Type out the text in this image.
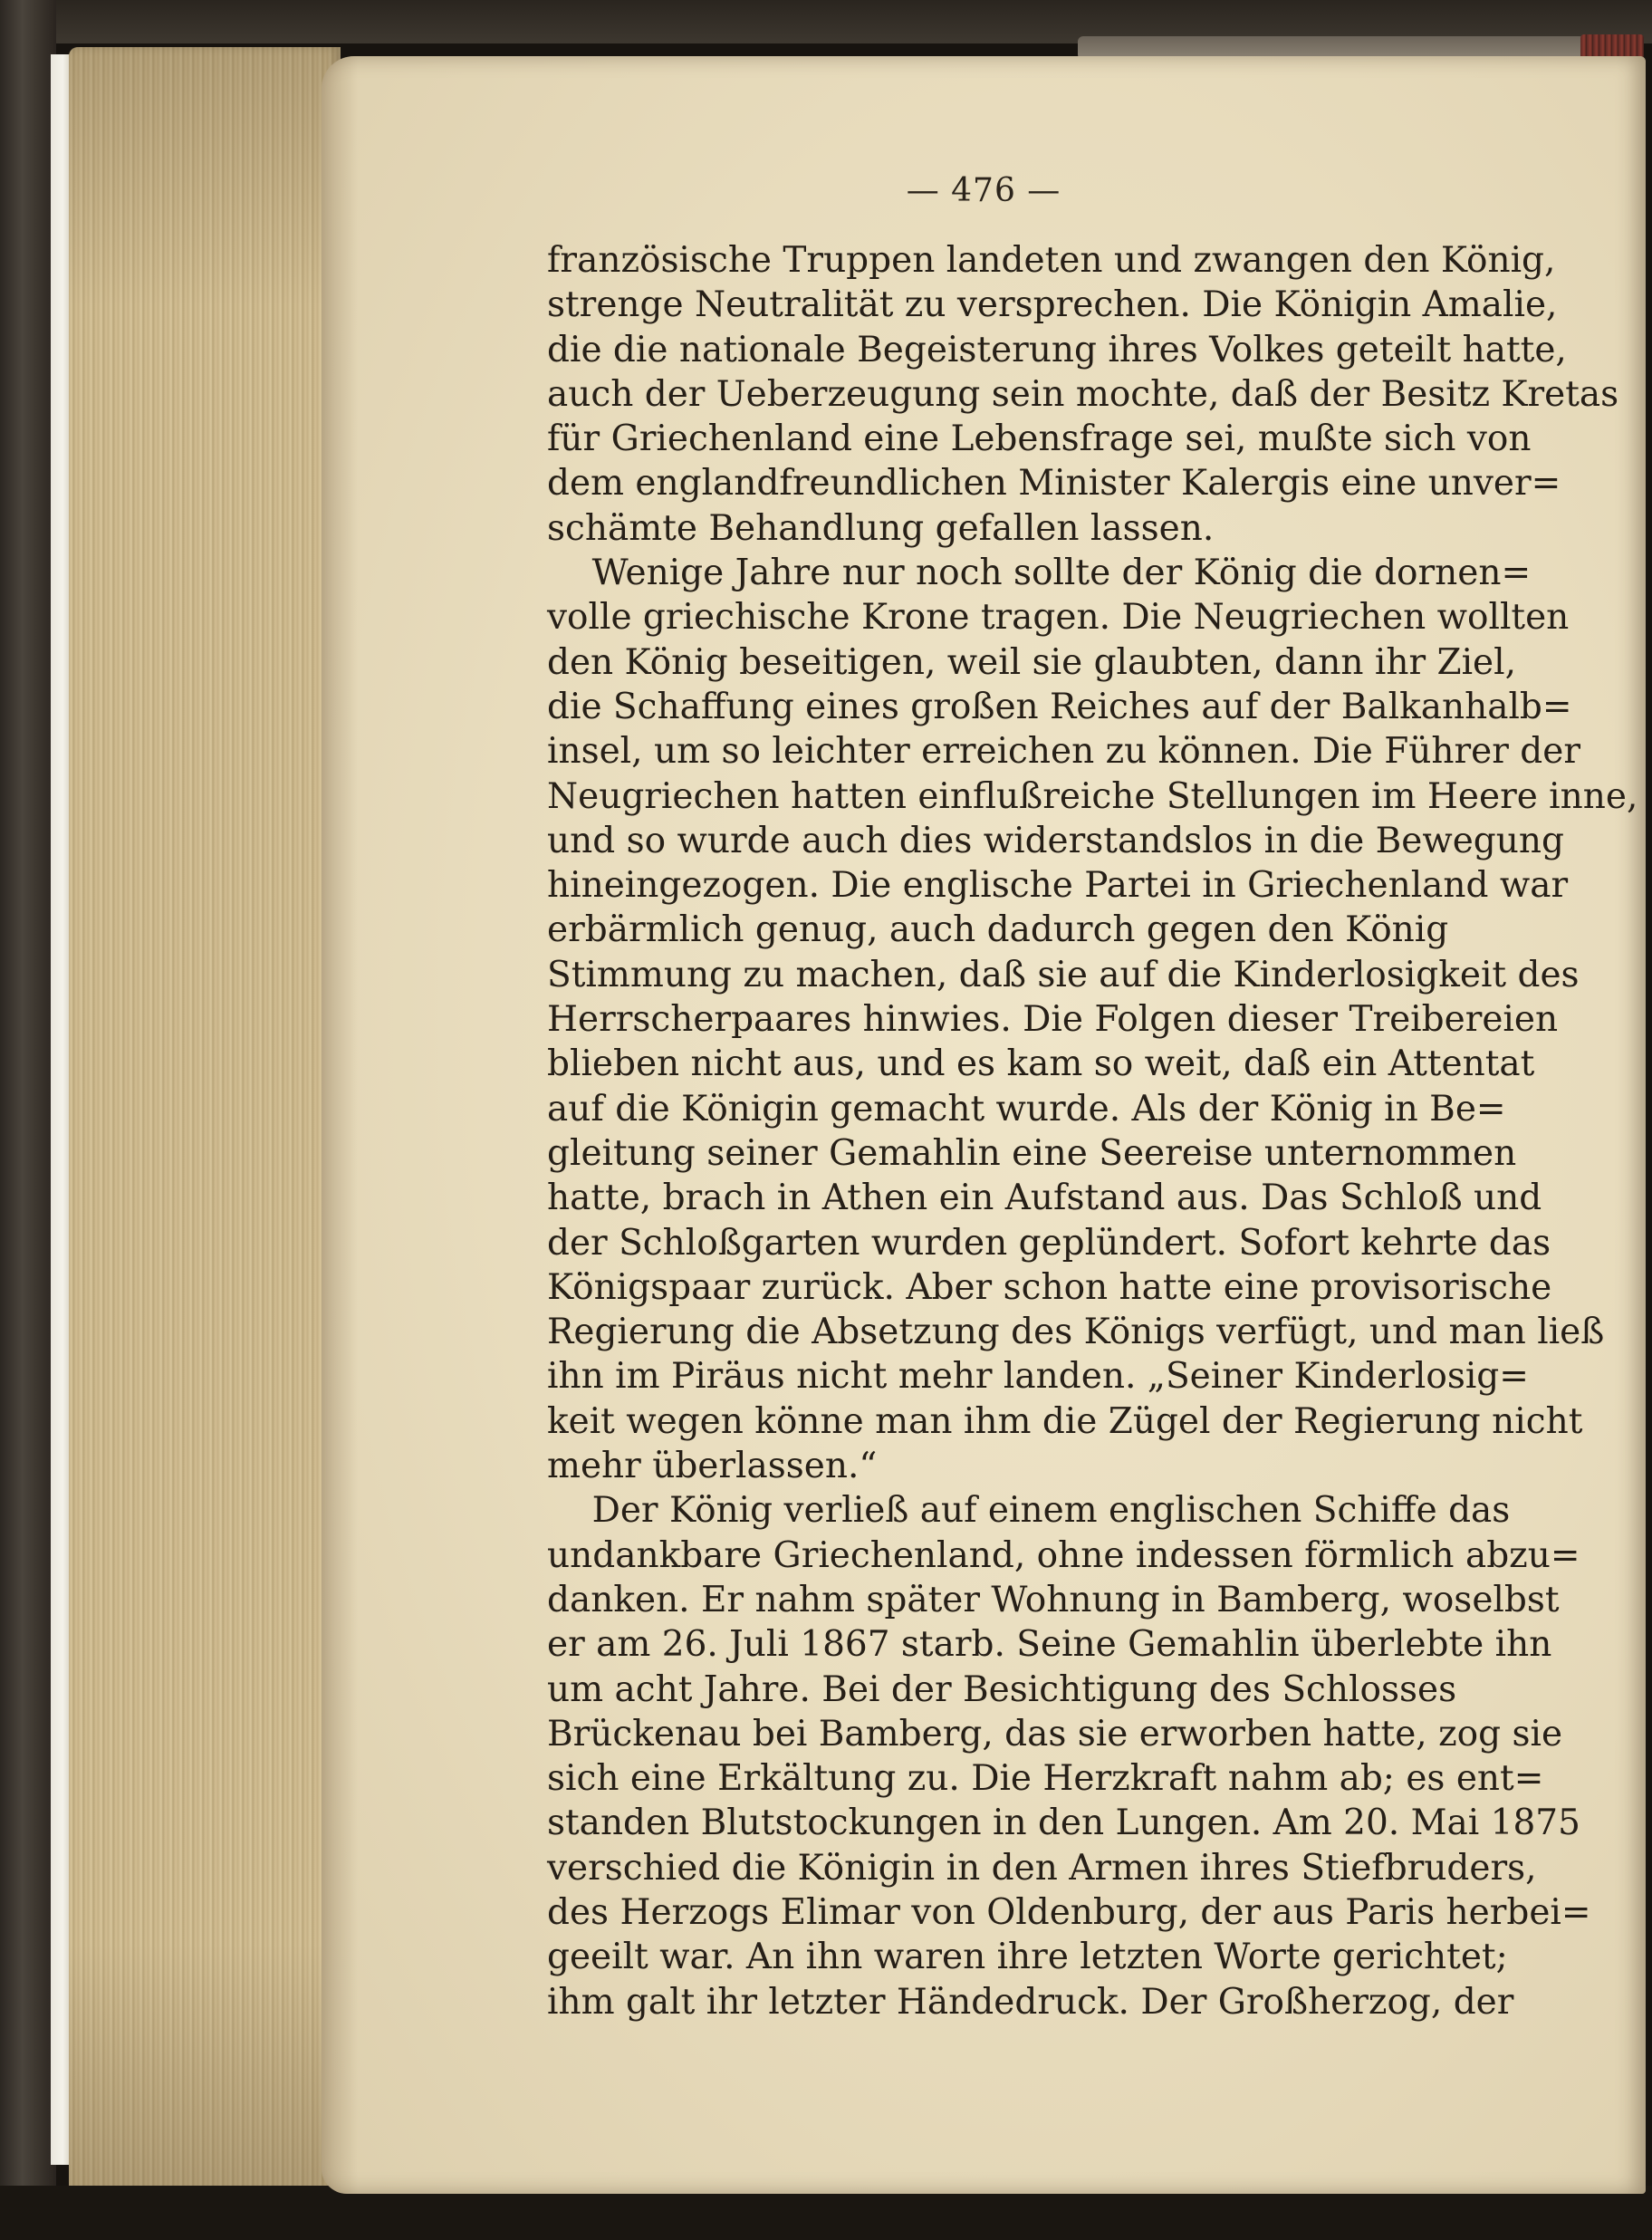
— 476 —
französische Truppen landeten und zwangen den König,
strenge Neutralität zu versprechen. Die Königin Amalie,
die die nationale Begeisterung ihres Volkes geteilt hatte,
auch der Ueberzeugung sein mochte, daß der Besitz Kretas
für Griechenland eine Lebensfrage sei, mußte sich von
dem englandfreundlichen Minister Kalergis eine unver=
schämte Behandlung gefallen lassen.
Wenige Jahre nur noch sollte der König die dornen=
volle griechische Krone tragen. Die Neugriechen wollten
den König beseitigen, weil sie glaubten, dann ihr Ziel,
die Schaffung eines großen Reiches auf der Balkanhalb=
insel, um so leichter erreichen zu können. Die Führer der
Neugriechen hatten einflußreiche Stellungen im Heere inne,
und so wurde auch dies widerstandslos in die Bewegung
hineingezogen. Die englische Partei in Griechenland war
erbärmlich genug, auch dadurch gegen den König
Stimmung zu machen, daß sie auf die Kinderlosigkeit des
Herrscherpaares hinwies. Die Folgen dieser Treibereien
blieben nicht aus, und es kam so weit, daß ein Attentat
auf die Königin gemacht wurde. Als der König in Be=
gleitung seiner Gemahlin eine Seereise unternommen
hatte, brach in Athen ein Aufstand aus. Das Schloß und
der Schloßgarten wurden geplündert. Sofort kehrte das
Königspaar zurück. Aber schon hatte eine provisorische
Regierung die Absetzung des Königs verfügt, und man ließ
ihn im Piräus nicht mehr landen. „Seiner Kinderlosig=
keit wegen könne man ihm die Zügel der Regierung nicht
mehr überlassen.“
Der König verließ auf einem englischen Schiffe das
undankbare Griechenland, ohne indessen förmlich abzu=
danken. Er nahm später Wohnung in Bamberg, woselbst
er am 26. Juli 1867 starb. Seine Gemahlin überlebte ihn
um acht Jahre. Bei der Besichtigung des Schlosses
Brückenau bei Bamberg, das sie erworben hatte, zog sie
sich eine Erkältung zu. Die Herzkraft nahm ab; es ent=
standen Blutstockungen in den Lungen. Am 20. Mai 1875
verschied die Königin in den Armen ihres Stiefbruders,
des Herzogs Elimar von Oldenburg, der aus Paris herbei=
geeilt war. An ihn waren ihre letzten Worte gerichtet;
ihm galt ihr letzter Händedruck. Der Großherzog, der
